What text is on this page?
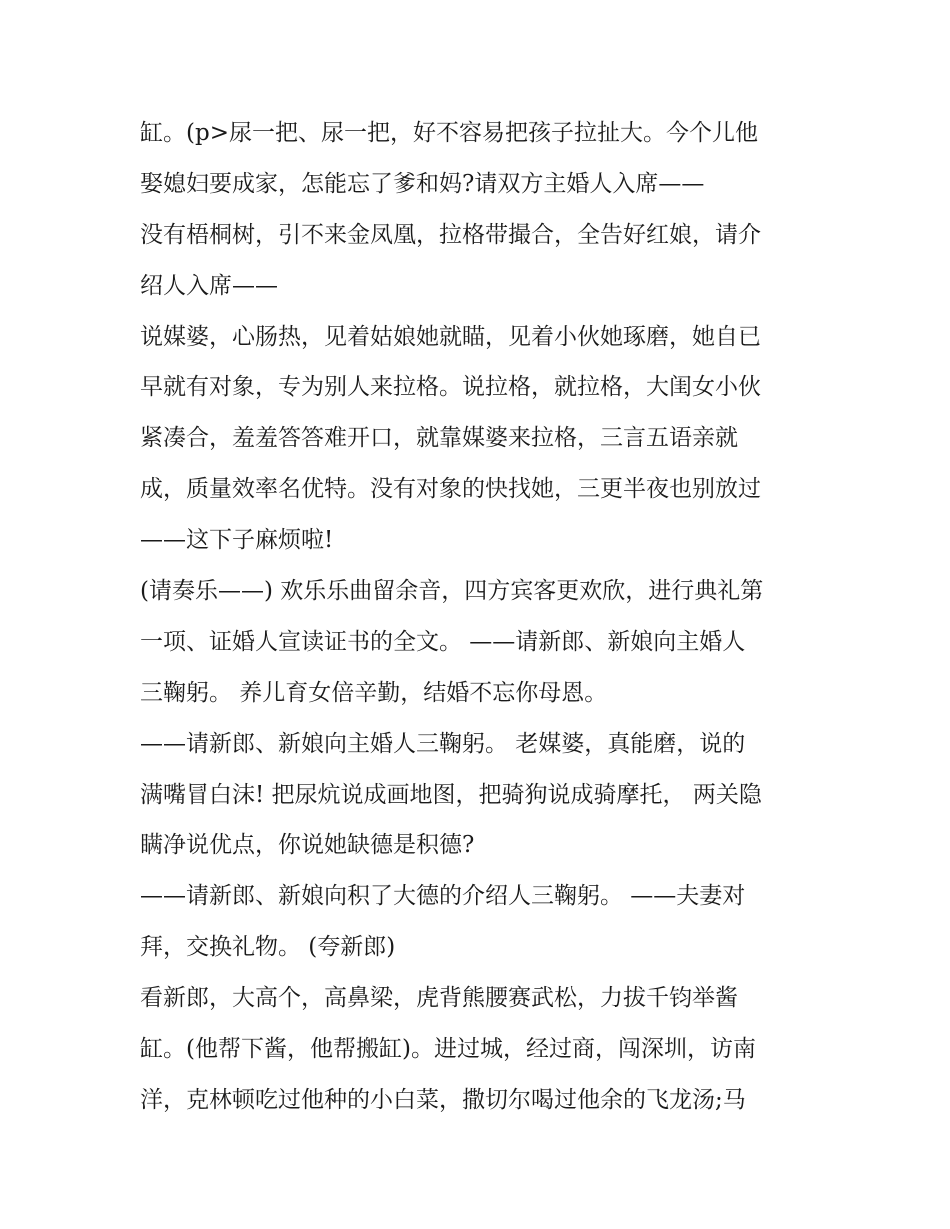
缸。(p>尿一把、尿一把，好不容易把孩子拉扯大。今个儿他
娶媳妇要成家，怎能忘了爹和妈?请双方主婚人入席——
没有梧桐树，引不来金凤凰，拉格带撮合，全告好红娘，请介
绍人入席——
说媒婆，心肠热，见着姑娘她就瞄，见着小伙她琢磨，她自已
早就有对象，专为别人来拉格。说拉格，就拉格，大闺女小伙
紧凑合，羞羞答答难开口，就靠媒婆来拉格，三言五语亲就
成，质量效率名优特。没有对象的快找她，三更半夜也别放过
——这下子麻烦啦!
(请奏乐——) 欢乐乐曲留余音，四方宾客更欢欣，进行典礼第
一项、证婚人宣读证书的全文。 ——请新郎、新娘向主婚人
三鞠躬。 养儿育女倍辛勤，结婚不忘你母恩。
——请新郎、新娘向主婚人三鞠躬。 老媒婆，真能磨，说的
满嘴冒白沫! 把尿炕说成画地图，把骑狗说成骑摩托， 两关隐
瞒净说优点，你说她缺德是积德?
——请新郎、新娘向积了大德的介绍人三鞠躬。 ——夫妻对
拜，交换礼物。 (夸新郎)
看新郎，大高个，高鼻梁，虎背熊腰赛武松，力拔千钧举酱
缸。(他帮下酱，他帮搬缸)。进过城，经过商，闯深圳，访南
洋，克林顿吃过他种的小白菜，撒切尔喝过他余的飞龙汤;马
